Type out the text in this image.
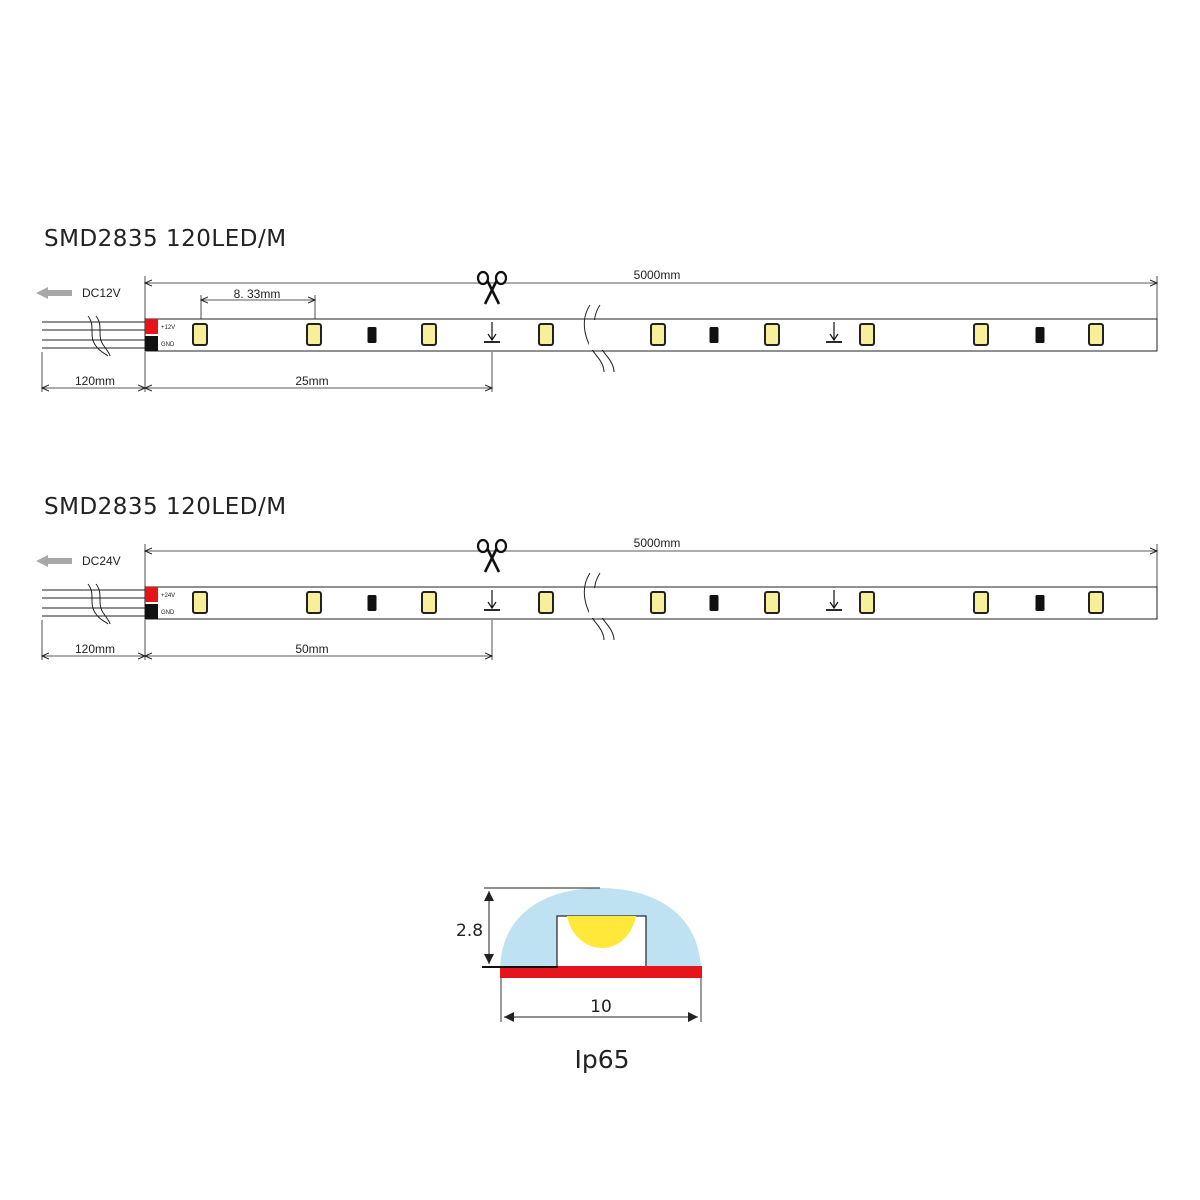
SMD2835 120LED/M
5000mm
8. 33mm
DC12V
+12V
GND
120mm	25mm
SMD2835 120LED/M
5000mm
DC24V
+24V
GND
120mm	50mm
2.8
10
Ip65
